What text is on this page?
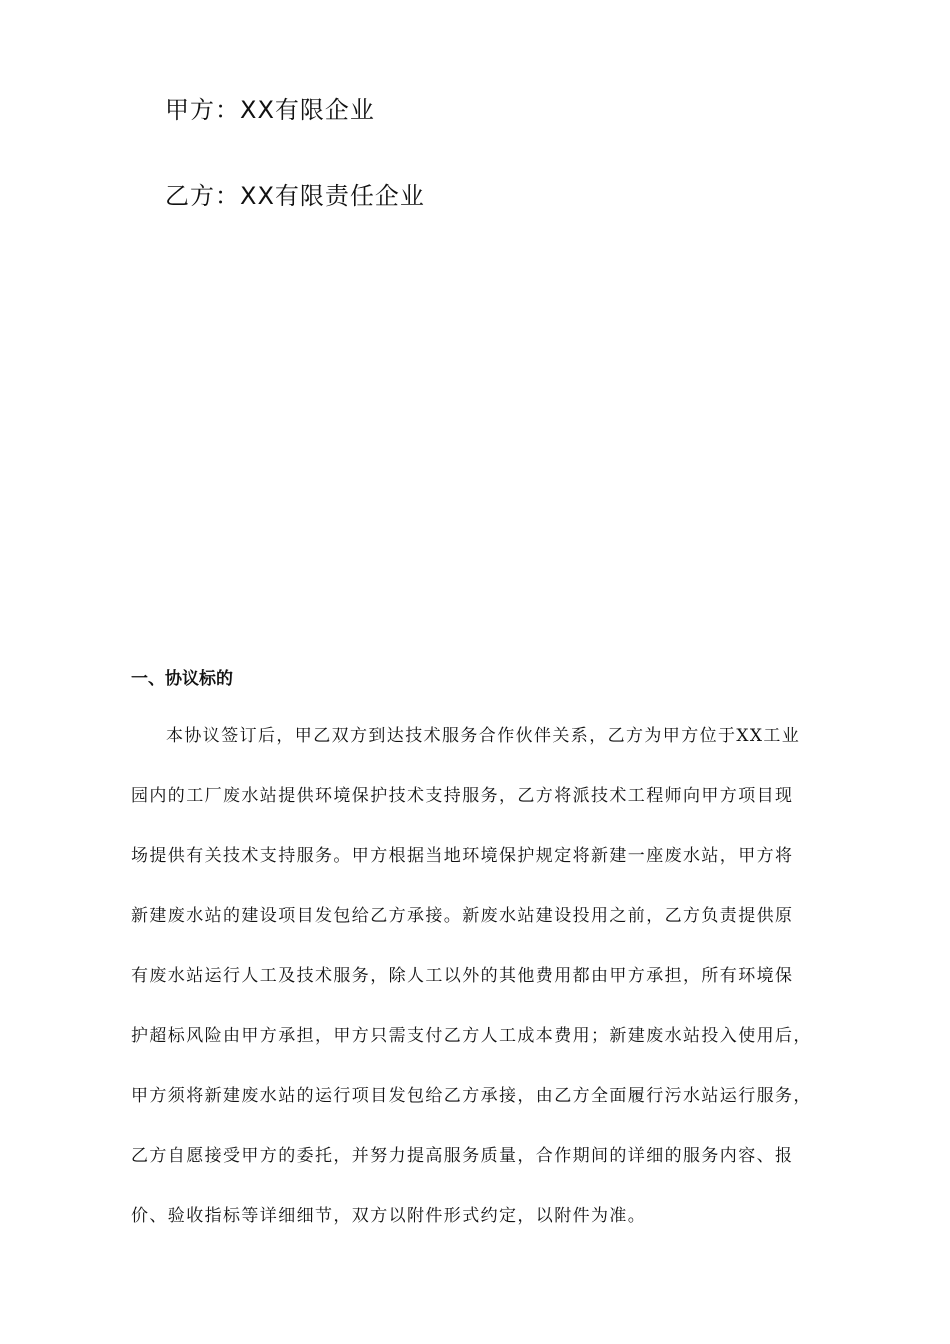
甲方：XX有限企业
乙方：XX有限责任企业
一、协议标的
本协议签订后，甲乙双方到达技术服务合作伙伴关系，乙方为甲方位于XX工业
园内的工厂废水站提供环境保护技术支持服务，乙方将派技术工程师向甲方项目现
场提供有关技术支持服务。甲方根据当地环境保护规定将新建一座废水站，甲方将
新建废水站的建设项目发包给乙方承接。新废水站建设投用之前，乙方负责提供原
有废水站运行人工及技术服务，除人工以外的其他费用都由甲方承担，所有环境保
护超标风险由甲方承担，甲方只需支付乙方人工成本费用；新建废水站投入使用后，
甲方须将新建废水站的运行项目发包给乙方承接，由乙方全面履行污水站运行服务，
乙方自愿接受甲方的委托，并努力提高服务质量，合作期间的详细的服务内容、报
价、验收指标等详细细节，双方以附件形式约定，以附件为准。
